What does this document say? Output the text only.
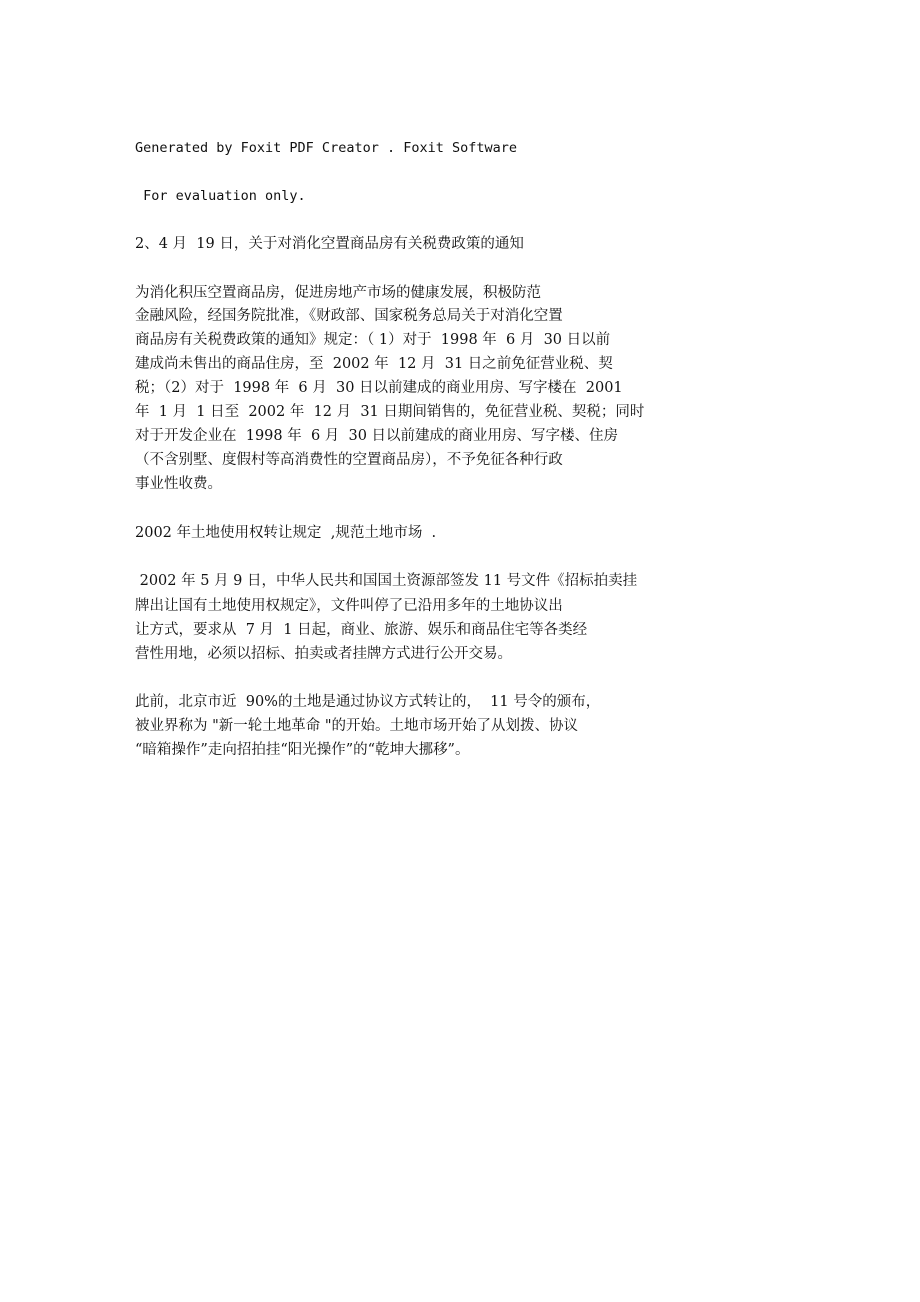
Generated by Foxit PDF Creator . Foxit Software
For evaluation only.
2、4 月  19 日，关于对消化空置商品房有关税费政策的通知
为消化积压空置商品房，促进房地产市场的健康发展，积极防范
金融风险，经国务院批准，《财政部、国家税务总局关于对消化空置
商品房有关税费政策的通知》规定：（ 1）对于  1998 年  6 月  30 日以前
建成尚未售出的商品住房，至  2002 年  12 月  31 日之前免征营业税、契
税；（2）对于  1998 年  6 月  30 日以前建成的商业用房、写字楼在  2001
年  1 月  1 日至  2002 年  12 月  31 日期间销售的，免征营业税、契税；同时
对于开发企业在  1998 年  6 月  30 日以前建成的商业用房、写字楼、住房
（不含别墅、度假村等高消费性的空置商品房），不予免征各种行政
事业性收费。
2002 年土地使用权转让规定  ,规范土地市场  .
2002 年 5 月 9 日，中华人民共和国国土资源部签发 11 号文件《招标拍卖挂
牌出让国有土地使用权规定》，文件叫停了已沿用多年的土地协议出
让方式，要求从  7 月  1 日起，商业、旅游、娱乐和商品住宅等各类经
营性用地，必须以招标、拍卖或者挂牌方式进行公开交易。
此前，北京市近  90%的土地是通过协议方式转让的，  11 号令的颁布，
被业界称为 "新一轮土地革命 "的开始。土地市场开始了从划拨、协议
“暗箱操作”走向招拍挂“阳光操作”的“乾坤大挪移”。
